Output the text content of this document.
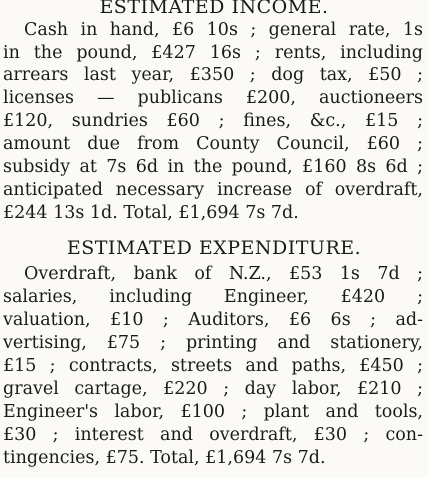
ESTIMATED INCOME.
Cash in hand, £6 10s ; general rate, 1s
in the pound, £427 16s ; rents, including
arrears last year, £350 ; dog tax, £50 ;
licenses — publicans £200, auctioneers
£120, sundries £60 ; fines, &c., £15 ;
amount due from County Council, £60 ;
subsidy at 7s 6d in the pound, £160 8s 6d ;
anticipated necessary increase of overdraft,
£244 13s 1d. Total, £1,694 7s 7d.
ESTIMATED EXPENDITURE.
Overdraft, bank of N.Z., £53 1s 7d ;
salaries, including Engineer, £420 ;
valuation, £10 ; Auditors, £6 6s ; ad-
vertising, £75 ; printing and stationery,
£15 ; contracts, streets and paths, £450 ;
gravel cartage, £220 ; day labor, £210 ;
Engineer's labor, £100 ; plant and tools,
£30 ; interest and overdraft, £30 ; con-
tingencies, £75. Total, £1,694 7s 7d.
